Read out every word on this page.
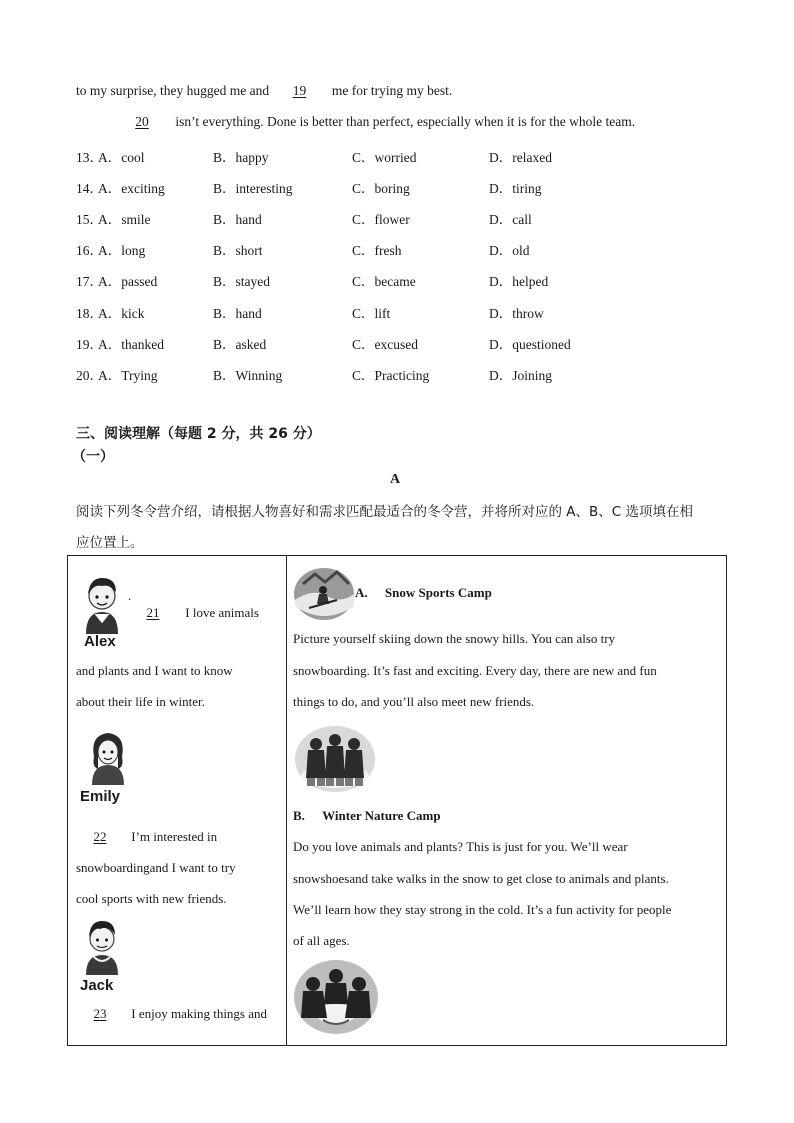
to my surprise, they hugged me and 19 me for trying my best.
20 isn’t everything. Done is better than perfect, especially when it is for the whole team.
13．
A．cool	B．happy	C．worried	D．relaxed
14．
A．exciting	B．interesting	C．boring	D．tiring
15．
A．smile	B．hand	C．flower	D．call
16．
A．long	B．short	C．fresh	D．old
17．
A．passed	B．stayed	C．became	D．helped
18．
A．kick	B．hand	C．lift	D．throw
19．
A．thanked	B．asked	C．excused	D．questioned
20．
A．Trying	B．Winning	C．Practicing	D．Joining
三、阅读理解（每题 2 分，共 26 分）
（一）
A
阅读下列冬令营介绍，请根据人物喜好和需求匹配最适合的冬令营，并将所对应的 A、B、C 选项填在相
应位置上。
.
Alex
21 I love animals
and plants and I want to know
about their life in winter.
Emily
22 I’m interested in
snowboardingand I want to try
cool sports with new friends.
Jack
23 I enjoy making things and
A. Snow Sports Camp
Picture yourself skiing down the snowy hills. You can also try
snowboarding. It’s fast and exciting. Every day, there are new and fun
things to do, and you’ll also meet new friends.
B. Winter Nature Camp
Do you love animals and plants? This is just for you. We’ll wear
snowshoesand take walks in the snow to get close to animals and plants.
We’ll learn how they stay strong in the cold. It’s a fun activity for people
of all ages.
